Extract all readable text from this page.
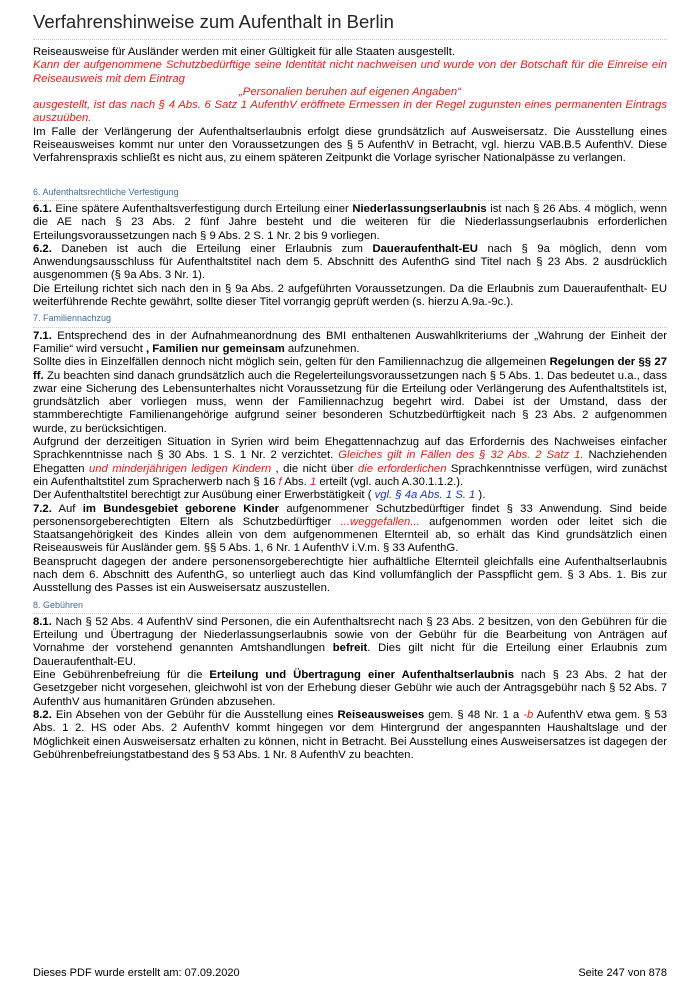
Verfahrenshinweise zum Aufenthalt in Berlin

Reiseausweise für Ausländer werden mit einer Gültigkeit für alle Staaten ausgestellt.

Kann der aufgenommene Schutzbedürftige seine Identität nicht nachweisen und wurde von der Botschaft für die Einreise ein Reiseausweis mit dem Eintrag

„Personalien beruhen auf eigenen Angaben“

ausgestellt, ist das nach § 4 Abs. 6 Satz 1 AufenthV eröffnete Ermessen in der Regel zugunsten eines permanenten Eintrags auszuüben.

Im Falle der Verlängerung der Aufenthaltserlaubnis erfolgt diese grundsätzlich auf Ausweisersatz. Die Ausstellung eines Reiseausweises kommt nur unter den Voraussetzungen des § 5 AufenthV in Betracht, vgl. hierzu VAB.B.5 AufenthV. Diese Verfahrenspraxis schließt es nicht aus, zu einem späteren Zeitpunkt die Vorlage syrischer Nationalpässe zu verlangen.

6. Aufenthaltsrechtliche Verfestigung

6.1. Eine spätere Aufenthaltsverfestigung durch Erteilung einer Niederlassungserlaubnis ist nach § 26 Abs. 4 möglich, wenn die AE nach § 23 Abs. 2 fünf Jahre besteht und die weiteren für die Niederlassungserlaubnis erforderlichen Erteilungsvoraussetzungen nach § 9 Abs. 2 S. 1 Nr. 2 bis 9 vorliegen.

6.2. Daneben ist auch die Erteilung einer Erlaubnis zum Daueraufenthalt-EU nach § 9a möglich, denn vom Anwendungsausschluss für Aufenthaltstitel nach dem 5. Abschnitt des AufenthG sind Titel nach § 23 Abs. 2 ausdrücklich ausgenommen (§ 9a Abs. 3 Nr. 1).

Die Erteilung richtet sich nach den in § 9a Abs. 2 aufgeführten Voraussetzungen. Da die Erlaubnis zum Daueraufenthalt- EU weiterführende Rechte gewährt, sollte dieser Titel vorrangig geprüft werden (s. hierzu A.9a.-9c.).

7. Familiennachzug

7.1. Entsprechend des in der Aufnahmeanordnung des BMI enthaltenen Auswahlkriteriums der „Wahrung der Einheit der Familie“ wird versucht , Familien nur gemeinsam aufzunehmen.

Sollte dies in Einzelfällen dennoch nicht möglich sein, gelten für den Familiennachzug die allgemeinen Regelungen der §§ 27 ff. Zu beachten sind danach grundsätzlich auch die Regelerteilungsvoraussetzungen nach § 5 Abs. 1. Das bedeutet u.a., dass zwar eine Sicherung des Lebensunterhaltes nicht Voraussetzung für die Erteilung oder Verlängerung des Aufenthaltstitels ist, grundsätzlich aber vorliegen muss, wenn der Familiennachzug begehrt wird. Dabei ist der Umstand, dass der stammberechtigte Familienangehörige aufgrund seiner besonderen Schutzbedürftigkeit nach § 23 Abs. 2 aufgenommen wurde, zu berücksichtigen.

Aufgrund der derzeitigen Situation in Syrien wird beim Ehegattennachzug auf das Erfordernis des Nachweises einfacher Sprachkenntnisse nach § 30 Abs. 1 S. 1 Nr. 2 verzichtet. Gleiches gilt in Fällen des § 32 Abs. 2 Satz 1. Nachziehenden Ehegatten und minderjährigen ledigen Kindern , die nicht über die erforderlichen Sprachkenntnisse verfügen, wird zunächst ein Aufenthaltstitel zum Spracherwerb nach § 16 f Abs. 1 erteilt (vgl. auch A.30.1.1.2.).

Der Aufenthaltstitel berechtigt zur Ausübung einer Erwerbstätigkeit ( vgl. § 4a Abs. 1 S. 1 ).

7.2. Auf im Bundesgebiet geborene Kinder aufgenommener Schutzbedürftiger findet § 33 Anwendung. Sind beide personensorgeberechtigten Eltern als Schutzbedürftiger ...weggefallen... aufgenommen worden oder leitet sich die Staatsangehörigkeit des Kindes allein von dem aufgenommenen Elternteil ab, so erhält das Kind grundsätzlich einen Reiseausweis für Ausländer gem. §§ 5 Abs. 1, 6 Nr. 1 AufenthV i.V.m. § 33 AufenthG.

Beansprucht dagegen der andere personensorgeberechtigte hier aufhältliche Elternteil gleichfalls eine Aufenthaltserlaubnis nach dem 6. Abschnitt des AufenthG, so unterliegt auch das Kind vollumfänglich der Passpflicht gem. § 3 Abs. 1. Bis zur Ausstellung des Passes ist ein Ausweisersatz auszustellen.

8. Gebühren

8.1. Nach § 52 Abs. 4 AufenthV sind Personen, die ein Aufenthaltsrecht nach § 23 Abs. 2 besitzen, von den Gebühren für die Erteilung und Übertragung der Niederlassungserlaubnis sowie von der Gebühr für die Bearbeitung von Anträgen auf Vornahme der vorstehend genannten Amtshandlungen befreit. Dies gilt nicht für die Erteilung einer Erlaubnis zum Daueraufenthalt-EU.

Eine Gebührenbefreiung für die Erteilung und Übertragung einer Aufenthaltserlaubnis nach § 23 Abs. 2 hat der Gesetzgeber nicht vorgesehen, gleichwohl ist von der Erhebung dieser Gebühr wie auch der Antragsgebühr nach § 52 Abs. 7 AufenthV aus humanitären Gründen abzusehen.

8.2. Ein Absehen von der Gebühr für die Ausstellung eines Reiseausweises gem. § 48 Nr. 1 a -b AufenthV etwa gem. § 53 Abs. 1 2. HS oder Abs. 2 AufenthV kommt hingegen vor dem Hintergrund der angespannten Haushaltslage und der Möglichkeit einen Ausweisersatz erhalten zu können, nicht in Betracht. Bei Ausstellung eines Ausweisersatzes ist dagegen der Gebührenbefreiungstatbestand des § 53 Abs. 1 Nr. 8 AufenthV zu beachten.

Dieses PDF wurde erstellt am: 07.09.2020	Seite 247 von 878
